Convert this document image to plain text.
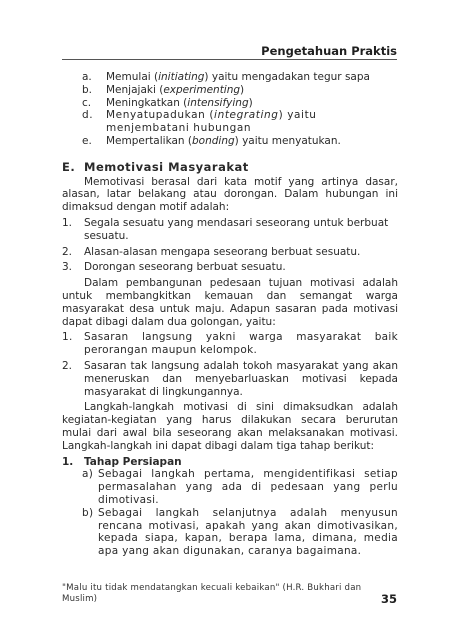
Pengetahuan Praktis
a. Memulai (initiating) yaitu mengadakan tegur sapa
b. Menjajaki (experimenting)
c. Meningkatkan (intensifying)
d. Menyatupadukan (integrating) yaitu menjembatani hubungan
e. Mempertalikan (bonding) yaitu menyatukan.
E. Memotivasi Masyarakat

Memotivasi berasal dari kata motif yang artinya dasar, alasan, latar belakang atau dorongan. Dalam hubungan ini dimaksud dengan motif adalah:

1. Segala sesuatu yang mendasari seseorang untuk berbuat sesuatu.
2. Alasan-alasan mengapa seseorang berbuat sesuatu.
3. Dorongan seseorang berbuat sesuatu.

Dalam pembangunan pedesaan tujuan motivasi adalah untuk membangkitkan kemauan dan semangat warga masyarakat desa untuk maju. Adapun sasaran pada motivasi dapat dibagi dalam dua golongan, yaitu:

1. Sasaran langsung yakni warga masyarakat baik perorangan maupun kelompok.
2. Sasaran tak langsung adalah tokoh masyarakat yang akan meneruskan dan menyebarluaskan motivasi kepada masyarakat di lingkungannya.

Langkah-langkah motivasi di sini dimaksudkan adalah kegiatan-kegiatan yang harus dilakukan secara berurutan mulai dari awal bila seseorang akan melaksanakan motivasi. Langkah-langkah ini dapat dibagi dalam tiga tahap berikut:

1. Tahap Persiapan
a) Sebagai langkah pertama, mengidentifikasi setiap permasalahan yang ada di pedesaan yang perlu dimotivasi.
b) Sebagai langkah selanjutnya adalah menyusun rencana motivasi, apakah yang akan dimotivasikan, kepada siapa, kapan, berapa lama, dimana, media apa yang akan digunakan, caranya bagaimana.
"Malu itu tidak mendatangkan kecuali kebaikan" (H.R. Bukhari dan Muslim)	35
